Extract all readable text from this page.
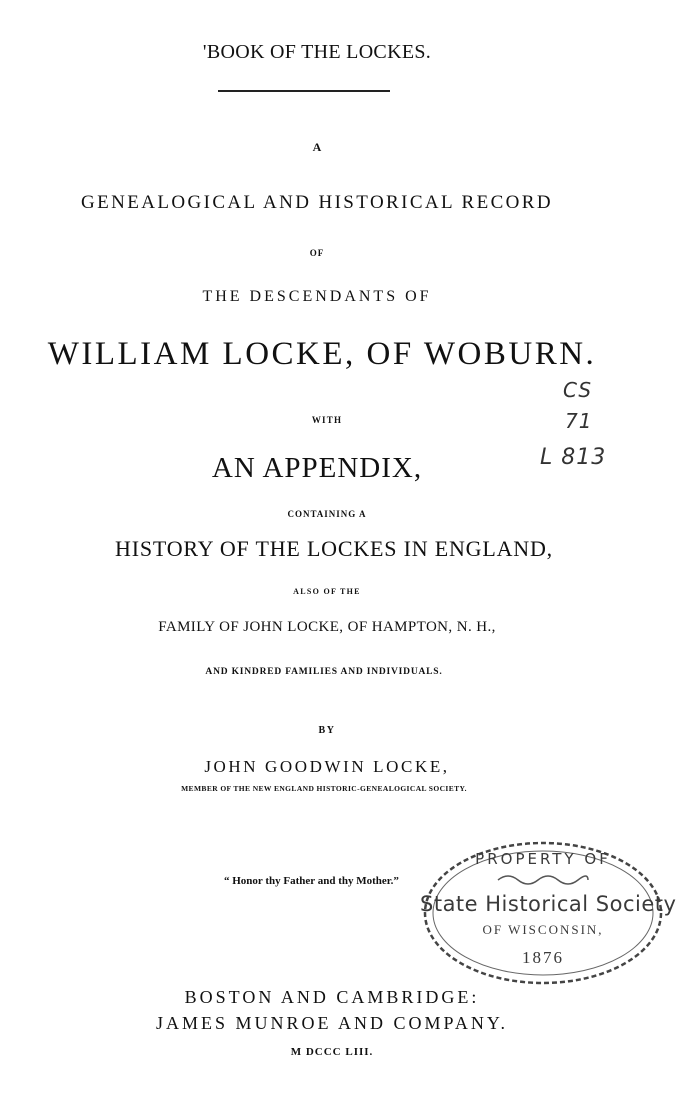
'BOOK OF THE LOCKES.
A
GENEALOGICAL AND HISTORICAL RECORD
OF
THE DESCENDANTS OF
WILLIAM LOCKE, OF WOBURN.
WITH
AN APPENDIX,
CONTAINING A
HISTORY OF THE LOCKES IN ENGLAND,
ALSO OF THE
FAMILY OF JOHN LOCKE, OF HAMPTON, N. H.,
AND KINDRED FAMILIES AND INDIVIDUALS.
BY
JOHN GOODWIN LOCKE,
MEMBER OF THE NEW ENGLAND HISTORIC-GENEALOGICAL SOCIETY.
“ Honor thy Father and thy Mother.”
BOSTON AND CAMBRIDGE:
JAMES MUNROE AND COMPANY.
M DCCC LIII.
CS
71
L 813
PROPERTY OF
State Historical Society
OF WISCONSIN,
1876
